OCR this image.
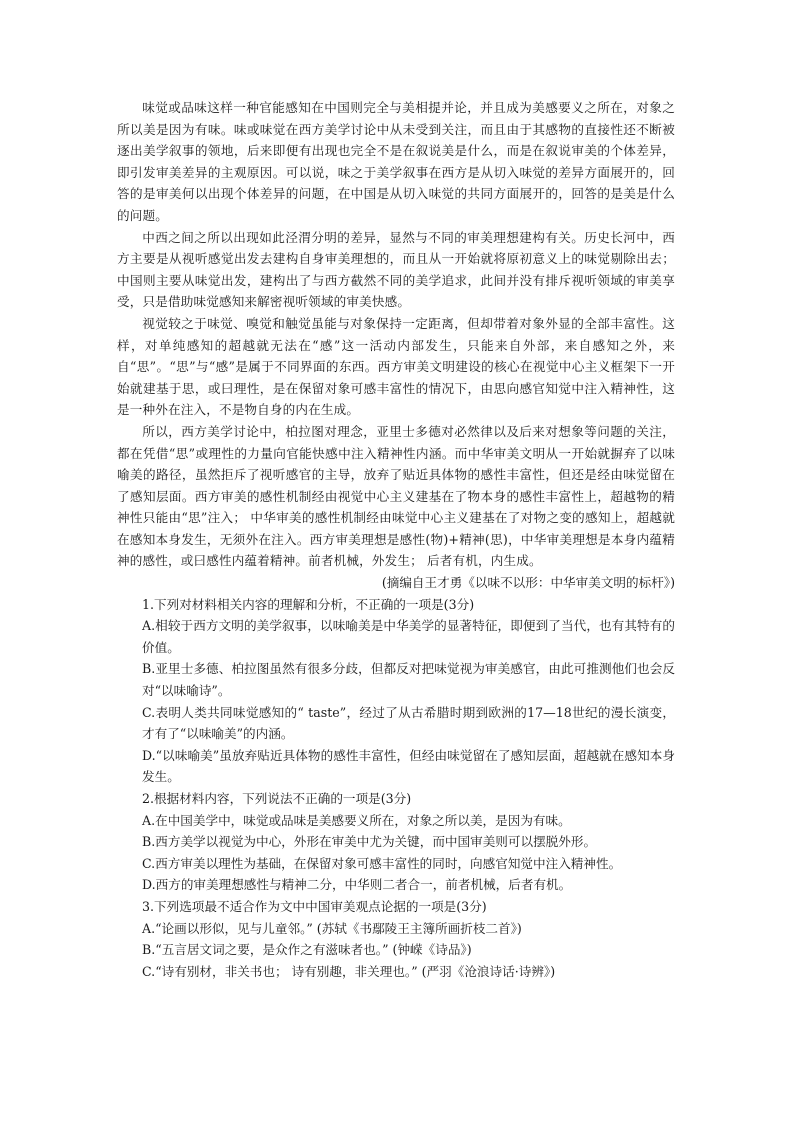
味觉或品味这样一种官能感知在中国则完全与美相提并论，并且成为美感要义之所在，对象之所以美是因为有味。味或味觉在西方美学讨论中从未受到关注，而且由于其感物的直接性还不断被逐出美学叙事的领地，后来即便有出现也完全不是在叙说美是什么，而是在叙说审美的个体差异，即引发审美差异的主观原因。可以说，味之于美学叙事在西方是从切入味觉的差异方面展开的，回答的是审美何以出现个体差异的问题，在中国是从切入味觉的共同方面展开的，回答的是美是什么的问题。

中西之间之所以出现如此泾渭分明的差异，显然与不同的审美理想建构有关。历史长河中，西方主要是从视听感觉出发去建构自身审美理想的，而且从一开始就将原初意义上的味觉剔除出去；中国则主要从味觉出发，建构出了与西方截然不同的美学追求，此间并没有排斥视听领域的审美享受，只是借助味觉感知来解密视听领域的审美快感。

视觉较之于味觉、嗅觉和触觉虽能与对象保持一定距离，但却带着对象外显的全部丰富性。这样，对单纯感知的超越就无法在“感”这一活动内部发生，只能来自外部，来自感知之外，来自“思”。“思”与“感”是属于不同界面的东西。西方审美文明建设的核心在视觉中心主义框架下一开始就建基于思，或曰理性，是在保留对象可感丰富性的情况下，由思向感官知觉中注入精神性，这是一种外在注入，不是物自身的内在生成。

所以，西方美学讨论中，柏拉图对理念，亚里士多德对必然律以及后来对想象等问题的关注，都在凭借“思”或理性的力量向官能快感中注入精神性内涵。而中华审美文明从一开始就摒弃了以味喻美的路径，虽然拒斥了视听感官的主导，放弃了贴近具体物的感性丰富性，但还是经由味觉留在了感知层面。西方审美的感性机制经由视觉中心主义建基在了物本身的感性丰富性上，超越物的精神性只能由“思”注入； 中华审美的感性机制经由味觉中心主义建基在了对物之变的感知上，超越就在感知本身发生，无须外在注入。西方审美理想是感性(物)+精神(思)，中华审美理想是本身内蕴精神的感性，或曰感性内蕴着精神。前者机械，外发生； 后者有机，内生成。

(摘编自王才勇《以味不以形：中华审美文明的标杆》)

1.下列对材料相关内容的理解和分析，不正确的一项是(3分)

A.相较于西方文明的美学叙事，以味喻美是中华美学的显著特征，即便到了当代，也有其特有的价值。

B.亚里士多德、柏拉图虽然有很多分歧，但都反对把味觉视为审美感官，由此可推测他们也会反对“以味喻诗”。

C.表明人类共同味觉感知的“ taste”，经过了从古希腊时期到欧洲的17—18世纪的漫长演变，才有了“以味喻美”的内涵。

D.“以味喻美”虽放弃贴近具体物的感性丰富性，但经由味觉留在了感知层面，超越就在感知本身发生。

2.根据材料内容，下列说法不正确的一项是(3分)

A.在中国美学中，味觉或品味是美感要义所在，对象之所以美，是因为有味。

B.西方美学以视觉为中心，外形在审美中尤为关键，而中国审美则可以摆脱外形。

C.西方审美以理性为基础，在保留对象可感丰富性的同时，向感官知觉中注入精神性。

D.西方的审美理想感性与精神二分，中华则二者合一，前者机械，后者有机。

3.下列选项最不适合作为文中中国审美观点论据的一项是(3分)

A.“论画以形似，见与儿童邻。” (苏轼《书鄢陵王主簿所画折枝二首》)

B.“五言居文词之要，是众作之有滋味者也。” (钟嵘《诗品》)

C.“诗有别材，非关书也； 诗有别趣，非关理也。” (严羽《沧浪诗话·诗辨》)
